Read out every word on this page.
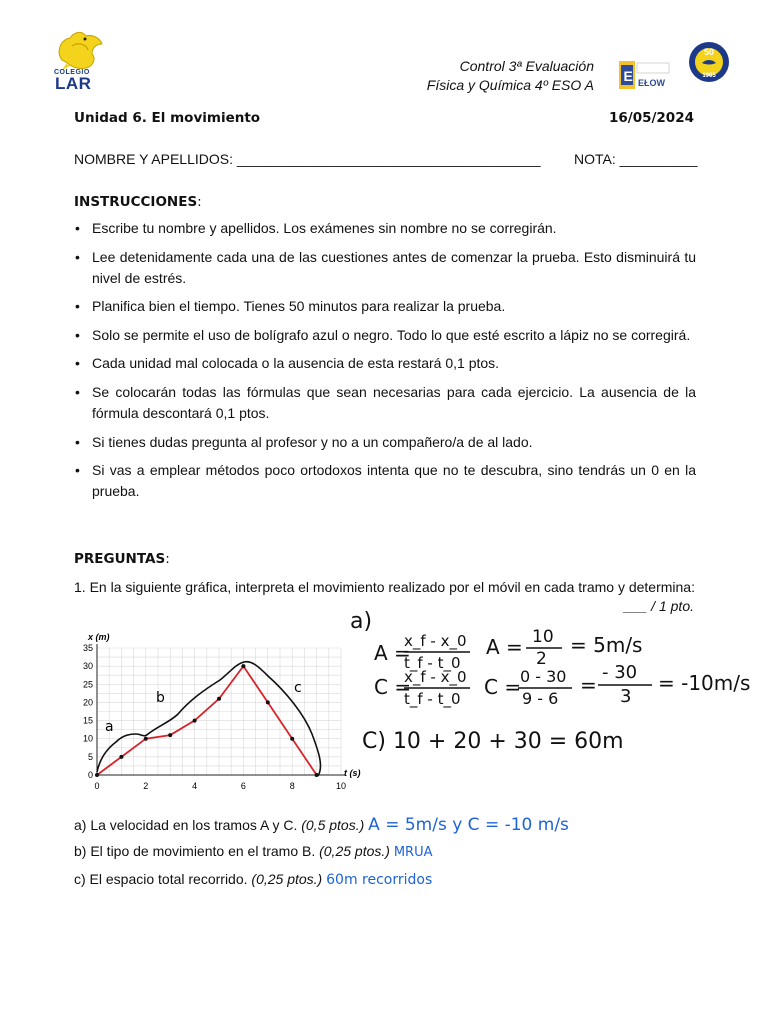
COLEGIO
LAR
Control 3ª Evaluación
Física y Química 4º ESO A
E EŁOW
50
1965
Unidad 6. El movimiento	16/05/2024
NOMBRE Y APELLIDOS: _______________________________________ NOTA: __________
INSTRUCCIONES:
• Escribe tu nombre y apellidos. Los exámenes sin nombre no se corregirán.
• Lee detenidamente cada una de las cuestiones antes de comenzar la prueba. Esto disminuirá tu nivel de estrés.
• Planifica bien el tiempo. Tienes 50 minutos para realizar la prueba.
• Solo se permite el uso de bolígrafo azul o negro. Todo lo que esté escrito a lápiz no se corregirá.
• Cada unidad mal colocada o la ausencia de esta restará 0,1 ptos.
• Se colocarán todas las fórmulas que sean necesarias para cada ejercicio. La ausencia de la fórmula descontará 0,1 ptos.
• Si tienes dudas pregunta al profesor y no a un compañero/a de al lado.
• Si vas a emplear métodos poco ortodoxos intenta que no te descubra, sino tendrás un 0 en la prueba.
PREGUNTAS:
1. En la siguiente gráfica, interpreta el movimiento realizado por el móvil en cada tramo y determina:
___ / 1 pto.
0	2	4	6	8	10
0
5
10
15
20
25
30
35
a
b
c
x (m)
t (s)
a)
A =
x_f - x_0
t_f - t_0
A = 10
2
= 5m/s
C =
x_f - x_0
t_f - t_0 C =
0 - 30
9 - 6
=
- 30
3
= -10m/s
C) 10 + 20 + 30 = 60m
a) La velocidad en los tramos A y C. (0,5 ptos.) A = 5m/s y C = -10 m/s
b) El tipo de movimiento en el tramo B. (0,25 ptos.) MRUA
c) El espacio total recorrido. (0,25 ptos.) 60m recorridos
